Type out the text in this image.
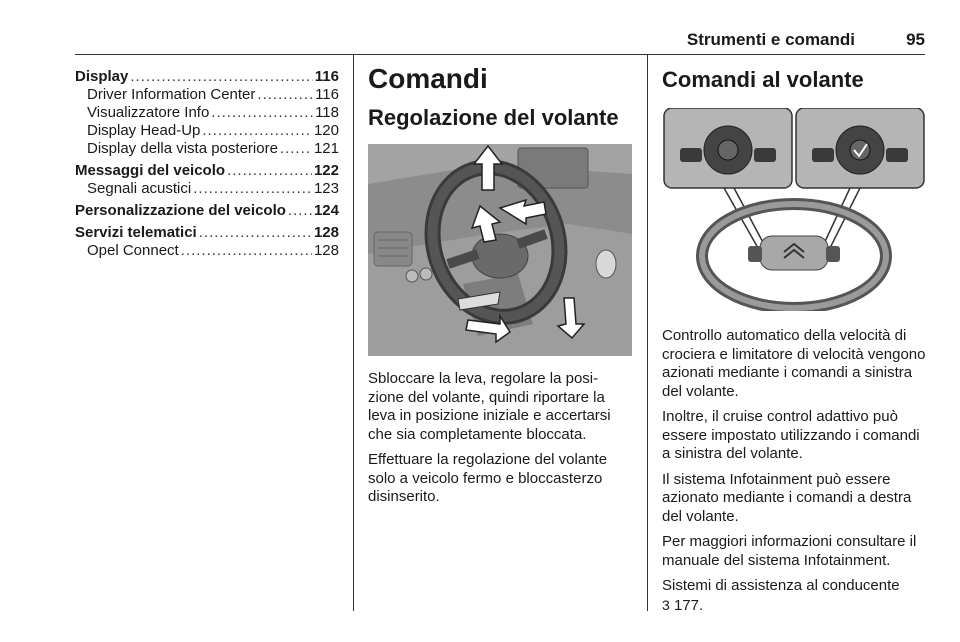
Strumenti e comandi	95
Display .....	116
Driver Information Center .....	116
Visualizzatore Info .....	118
Display Head-Up .....	120
Display della vista posteriore ..... 121
Messaggi del veicolo .....	122
Segnali acustici .....	123
Personalizzazione del veicolo ..... 124
Servizi telematici .....	128
Opel Connect .....	128
Comandi
Regolazione del volante

Sbloccare la leva, regolare la posi-zione del volante, quindi riportare la leva in posizione iniziale e accertarsi che sia completamente bloccata.

Effettuare la regolazione del volante solo a veicolo fermo e bloccasterzo disinserito.

Comandi al volante

Controllo automatico della velocità di crociera e limitatore di velocità vengono azionati mediante i comandi a sinistra del volante.

Inoltre, il cruise control adattivo può essere impostato utilizzando i comandi a sinistra del volante.

Il sistema Infotainment può essere azionato mediante i comandi a destra del volante.

Per maggiori informazioni consultare il manuale del sistema Infotainment.

Sistemi di assistenza al conducente
3 177.
